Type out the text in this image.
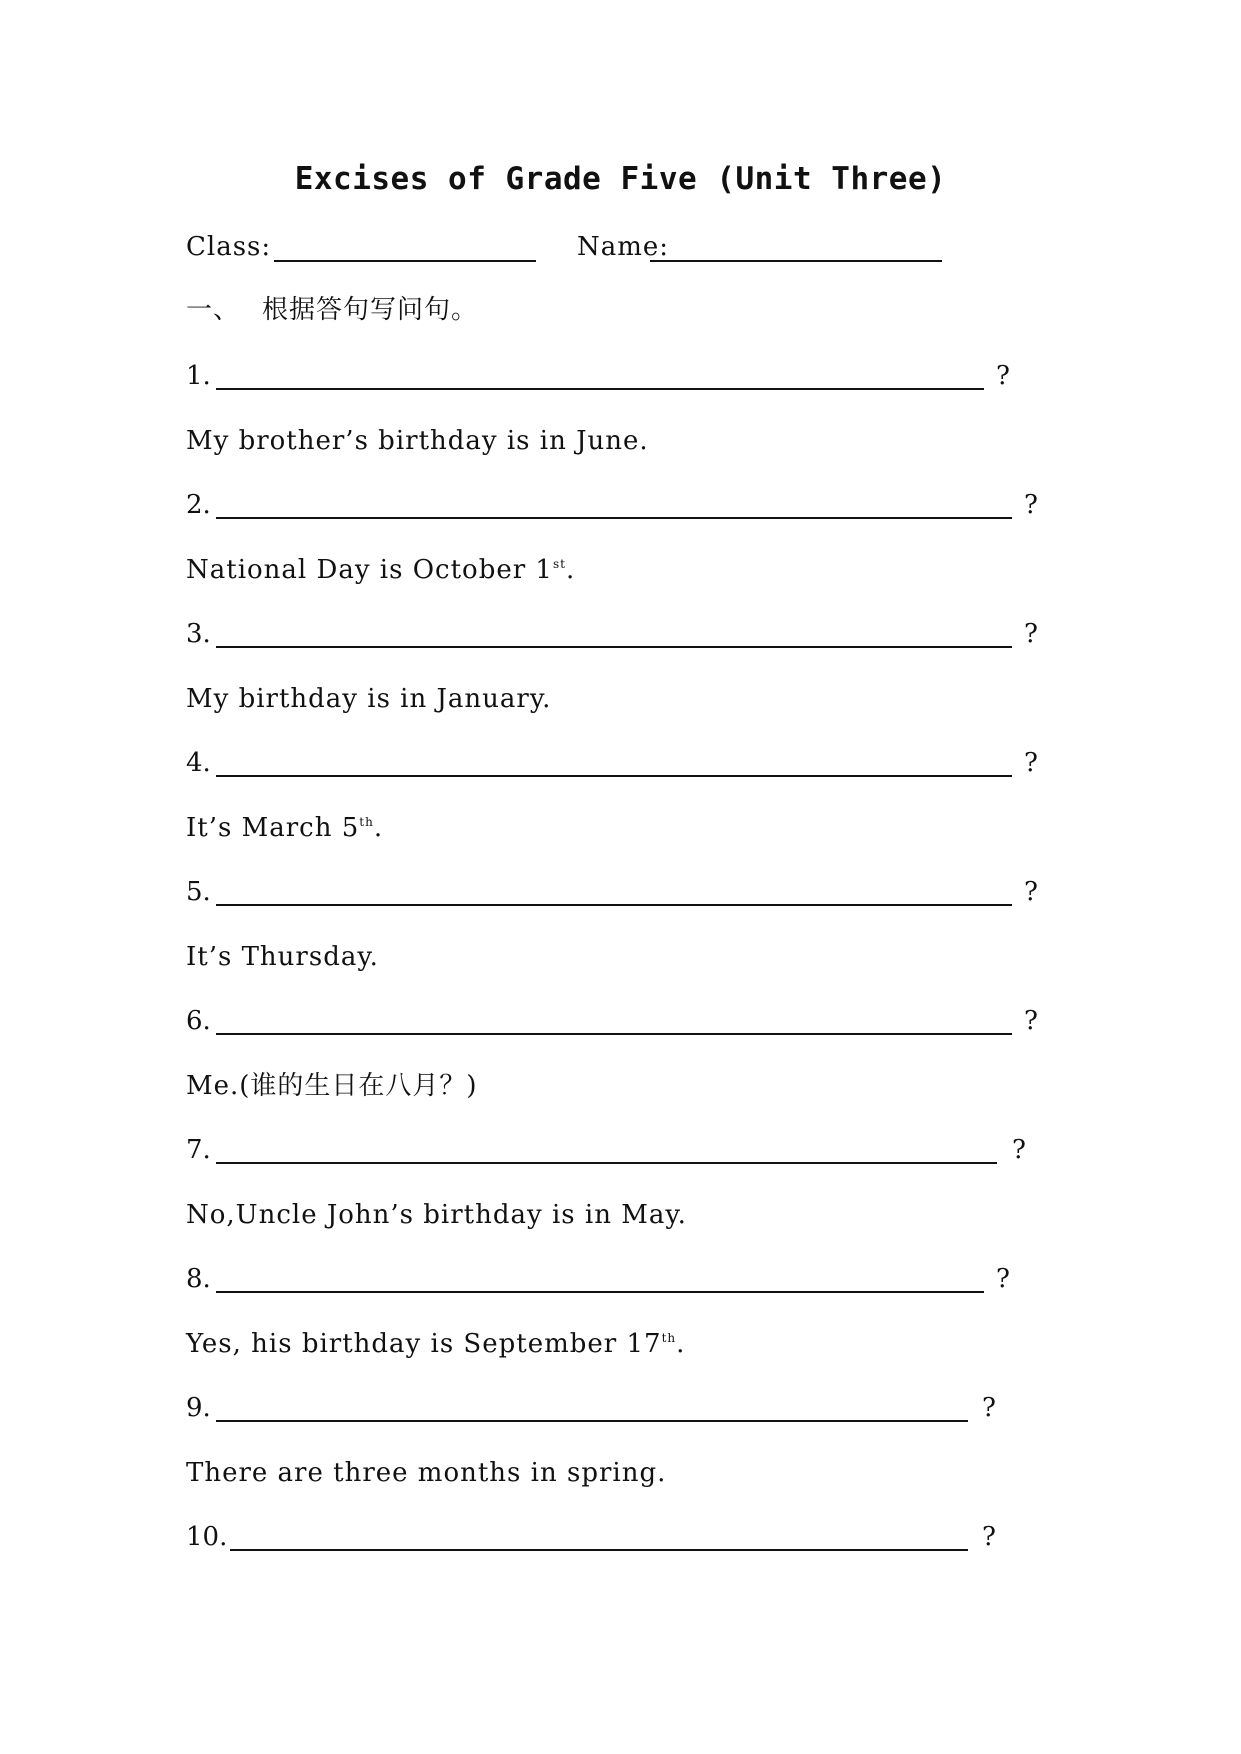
Excises of Grade Five (Unit Three)
Class:	Name:
一、 根据答句写问句。
1.	?
My brother’s birthday is in June.
2.	?
National Day is October 1st.
3.	?
My birthday is in January.
4.	?
It’s March 5th.
5.	?
It’s Thursday.
6.	?
Me.(谁的生日在八月？)
7.	?
No,Uncle John’s birthday is in May.
8.	?
Yes, his birthday is September 17th.
9.	?
There are three months in spring.
10.	?
